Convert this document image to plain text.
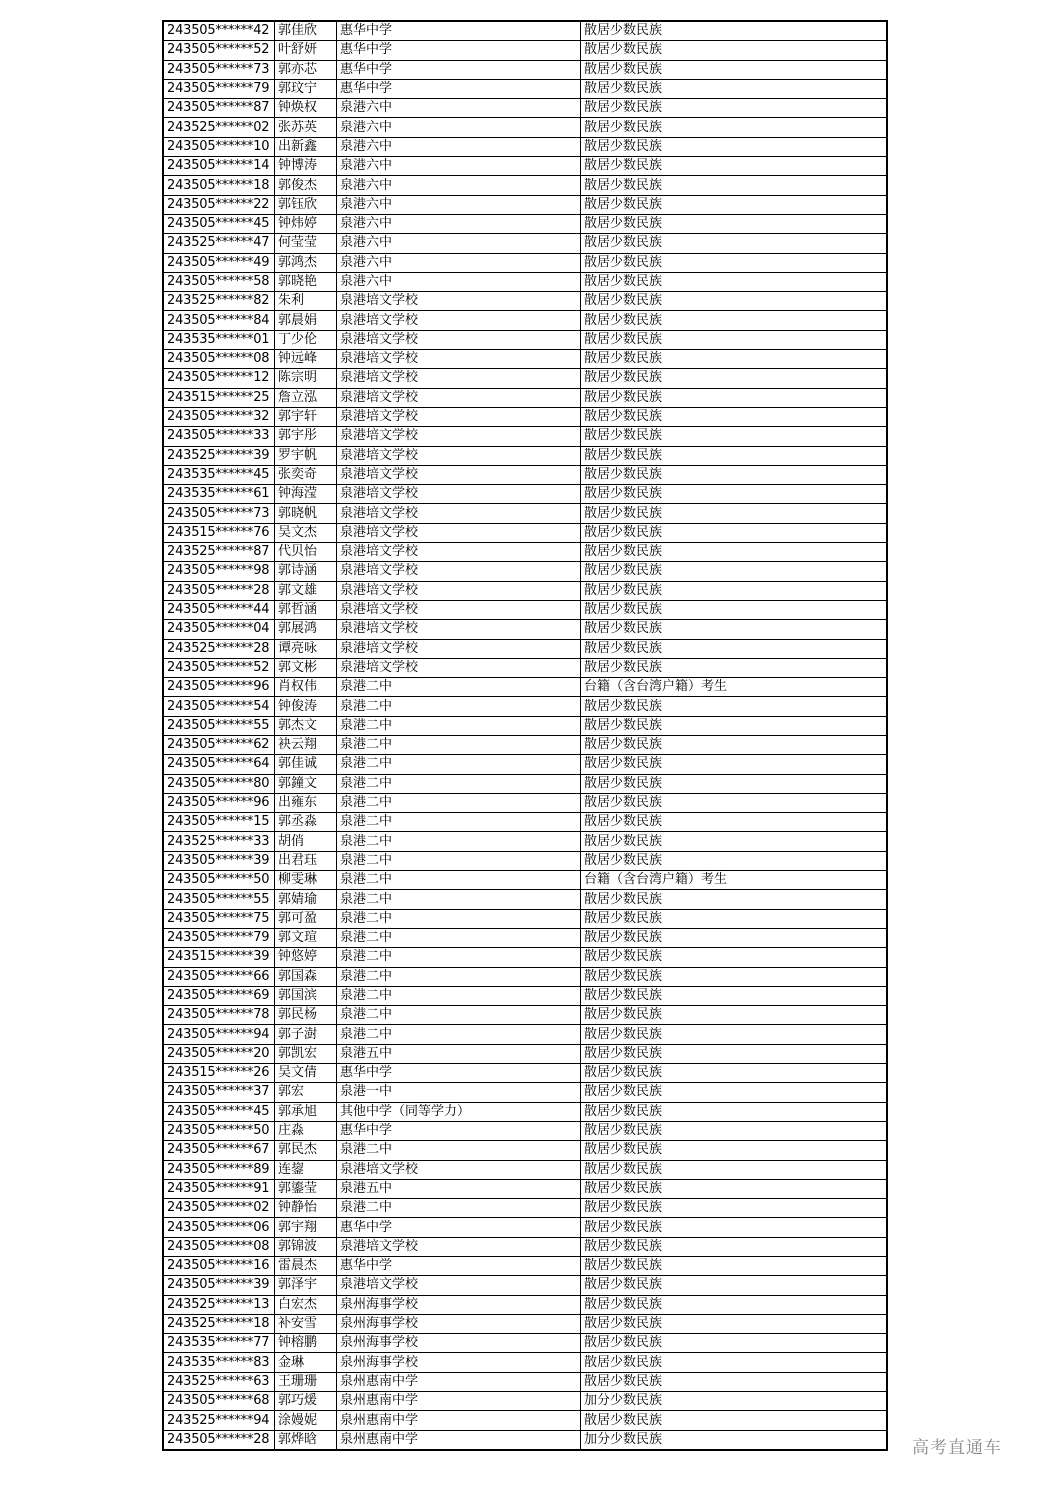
243505******42	郭佳欣	惠华中学	散居少数民族
243505******52	叶舒妍	惠华中学	散居少数民族
243505******73	郭亦芯	惠华中学	散居少数民族
243505******79	郭玟宁	惠华中学	散居少数民族
243505******87	钟焕权	泉港六中	散居少数民族
243525******02	张苏英	泉港六中	散居少数民族
243505******10	出新鑫	泉港六中	散居少数民族
243505******14	钟博涛	泉港六中	散居少数民族
243505******18	郭俊杰	泉港六中	散居少数民族
243505******22	郭钰欣	泉港六中	散居少数民族
243505******45	钟炜婷	泉港六中	散居少数民族
243525******47	何莹莹	泉港六中	散居少数民族
243505******49	郭鸿杰	泉港六中	散居少数民族
243505******58	郭晓艳	泉港六中	散居少数民族
243525******82	朱利	泉港培文学校	散居少数民族
243505******84	郭晨娟	泉港培文学校	散居少数民族
243535******01	丁少伦	泉港培文学校	散居少数民族
243505******08	钟远峰	泉港培文学校	散居少数民族
243505******12	陈宗明	泉港培文学校	散居少数民族
243515******25	詹立泓	泉港培文学校	散居少数民族
243505******32	郭宇轩	泉港培文学校	散居少数民族
243505******33	郭宇彤	泉港培文学校	散居少数民族
243525******39	罗宇帆	泉港培文学校	散居少数民族
243535******45	张奕奇	泉港培文学校	散居少数民族
243535******61	钟海滢	泉港培文学校	散居少数民族
243505******73	郭晓帆	泉港培文学校	散居少数民族
243515******76	吴文杰	泉港培文学校	散居少数民族
243525******87	代贝怡	泉港培文学校	散居少数民族
243505******98	郭诗涵	泉港培文学校	散居少数民族
243505******28	郭文雄	泉港培文学校	散居少数民族
243505******44	郭哲涵	泉港培文学校	散居少数民族
243505******04	郭展鸿	泉港培文学校	散居少数民族
243525******28	谭亮咏	泉港培文学校	散居少数民族
243505******52	郭文彬	泉港培文学校	散居少数民族
243505******96	肖权伟	泉港二中	台籍（含台湾户籍）考生
243505******54	钟俊涛	泉港二中	散居少数民族
243505******55	郭杰文	泉港二中	散居少数民族
243505******62	袂云翔	泉港二中	散居少数民族
243505******64	郭佳诚	泉港二中	散居少数民族
243505******80	郭鐘文	泉港二中	散居少数民族
243505******96	出雍东	泉港二中	散居少数民族
243505******15	郭丞淼	泉港二中	散居少数民族
243525******33	胡俏	泉港二中	散居少数民族
243505******39	出君珏	泉港二中	散居少数民族
243505******50	柳雯琳	泉港二中	台籍（含台湾户籍）考生
243505******55	郭婧瑜	泉港二中	散居少数民族
243505******75	郭可盈	泉港二中	散居少数民族
243505******79	郭文瑄	泉港二中	散居少数民族
243515******39	钟悠婷	泉港二中	散居少数民族
243505******66	郭国森	泉港二中	散居少数民族
243505******69	郭国滨	泉港二中	散居少数民族
243505******78	郭民杨	泉港二中	散居少数民族
243505******94	郭子澍	泉港二中	散居少数民族
243505******20	郭凯宏	泉港五中	散居少数民族
243515******26	吴文倩	惠华中学	散居少数民族
243505******37	郭宏	泉港一中	散居少数民族
243505******45	郭承旭	其他中学（同等学力）	散居少数民族
243505******50	庄淼	惠华中学	散居少数民族
243505******67	郭民杰	泉港二中	散居少数民族
243505******89	连鋆	泉港培文学校	散居少数民族
243505******91	郭鎏莹	泉港五中	散居少数民族
243505******02	钟静怡	泉港二中	散居少数民族
243505******06	郭宇翔	惠华中学	散居少数民族
243505******08	郭锦波	泉港培文学校	散居少数民族
243505******16	雷晨杰	惠华中学	散居少数民族
243505******39	郭泽宇	泉港培文学校	散居少数民族
243525******13	白宏杰	泉州海事学校	散居少数民族
243525******18	补安雪	泉州海事学校	散居少数民族
243535******77	钟榕鹏	泉州海事学校	散居少数民族
243535******83	金琳	泉州海事学校	散居少数民族
243525******63	王珊珊	泉州惠南中学	散居少数民族
243505******68	郭巧煖	泉州惠南中学	加分少数民族
243525******94	涂嫚妮	泉州惠南中学	散居少数民族
243505******28	郭烨晗	泉州惠南中学	加分少数民族	高考直通车
